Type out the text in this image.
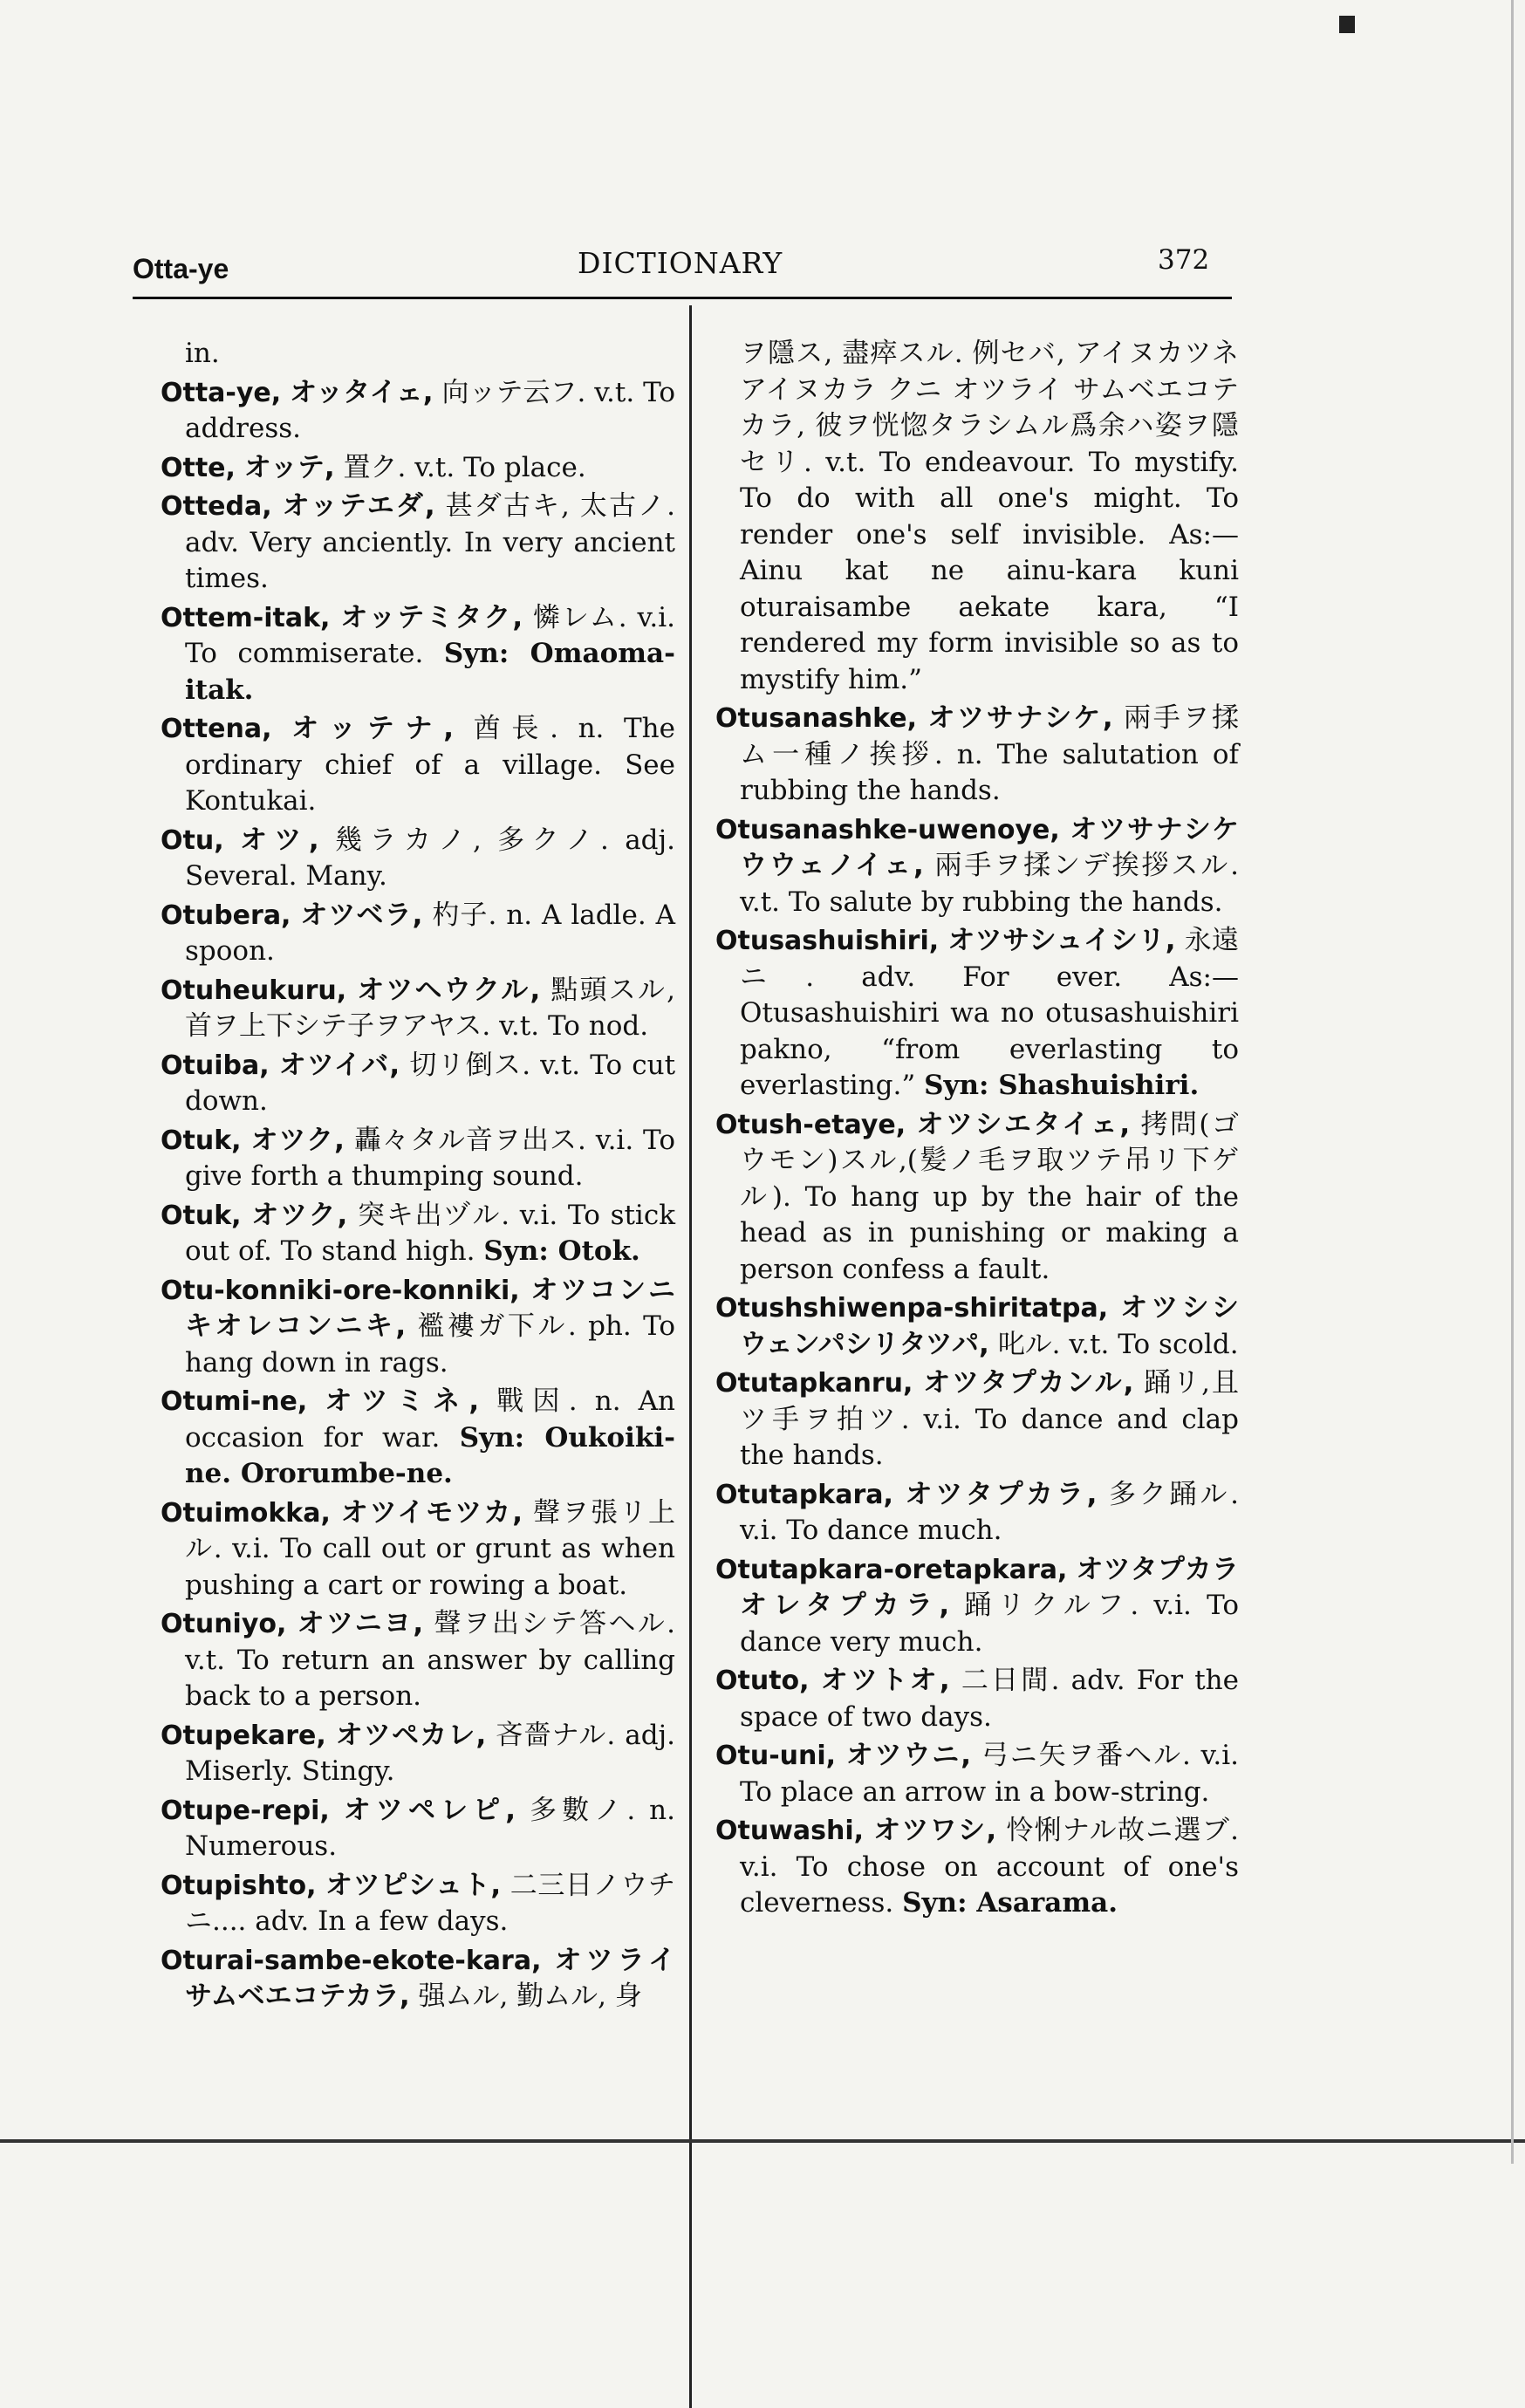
Otta-ye	DICTIONARY	372

in.

Otta-ye, オッタイェ, 向ッテ云フ. v.t. To address.

Otte, オッテ, 置ク. v.t. To place.

Otteda, オッテエダ, 甚ダ古キ, 太古ノ. adv. Very anciently. In very ancient times.

Ottem-itak, オッテミタク, 憐レム. v.i. To commiserate. Syn: Omaoma-itak.

Ottena, オッテナ, 酋長. n. The ordinary chief of a village. See Kontukai.

Otu, オツ, 幾ラカノ, 多クノ. adj. Several. Many.

Otubera, オツベラ, 杓子. n. A ladle. A spoon.

Otuheukuru, オツヘウクル, 點頭スル, 首ヲ上下シテ子ヲアヤス. v.t. To nod.

Otuiba, オツイバ, 切リ倒ス. v.t. To cut down.

Otuk, オツク, 轟々タル音ヲ出ス. v.i. To give forth a thumping sound.

Otuk, オツク, 突キ出ヅル. v.i. To stick out of. To stand high. Syn: Otok.

Otu-konniki-ore-konniki, オツコンニキオレコンニキ, 襤褸ガ下ル. ph. To hang down in rags.

Otumi-ne, オツミネ, 戰因. n. An occasion for war. Syn: Oukoiki-ne. Ororumbe-ne.

Otuimokka, オツイモツカ, 聲ヲ張リ上ル. v.i. To call out or grunt as when pushing a cart or rowing a boat.

Otuniyo, オツニヨ, 聲ヲ出シテ答ヘル. v.t. To return an answer by calling back to a person.

Otupekare, オツペカレ, 吝嗇ナル. adj. Miserly. Stingy.

Otupe-repi, オツペレピ, 多數ノ. n. Numerous.

Otupishto, オツピシュト, 二三日ノウチニ.... adv. In a few days.

Oturai-sambe-ekote-kara, オツライサムベエコテカラ, 强ムル, 勤ムル, 身

ヲ隱ス, 盡瘁スル. 例セバ, アイヌカツネ アイヌカラ クニ オツライ サムベエコテ カラ, 彼ヲ恍惚タラシムル爲余ハ姿ヲ隱セリ. v.t. To endeavour. To mystify. To do with all one's might. To render one's self invisible. As:—Ainu kat ne ainu-kara kuni oturaisambe aekate kara, “I rendered my form invisible so as to mystify him.”

Otusanashke, オツサナシケ, 兩手ヲ揉ム一種ノ挨拶. n. The salutation of rubbing the hands.

Otusanashke-uwenoye, オツサナシケウウェノイェ, 兩手ヲ揉ンデ挨拶スル. v.t. To salute by rubbing the hands.

Otusashuishiri, オツサシュイシリ, 永遠ニ. adv. For ever. As:—Otusashuishiri wa no otusashuishiri pakno, “from everlasting to everlasting.” Syn: Shashuishiri.

Otush-etaye, オツシエタイェ, 拷問(ゴウモン)スル,(髪ノ毛ヲ取ツテ吊リ下ゲル). To hang up by the hair of the head as in punishing or making a person confess a fault.

Otushshiwenpa-shiritatpa, オツシシウェンパシリタツパ, 叱ル. v.t. To scold.

Otutapkanru, オツタプカンル, 踊リ,且ツ手ヲ拍ツ. v.i. To dance and clap the hands.

Otutapkara, オツタプカラ, 多ク踊ル. v.i. To dance much.

Otutapkara-oretapkara, オツタプカラオレタプカラ, 踊リクルフ. v.i. To dance very much.

Otuto, オツトオ, 二日間. adv. For the space of two days.

Otu-uni, オツウニ, 弓ニ矢ヲ番ヘル. v.i. To place an arrow in a bow-string.

Otuwashi, オツワシ, 怜悧ナル故ニ選ブ. v.i. To chose on account of one's cleverness. Syn: Asarama.
